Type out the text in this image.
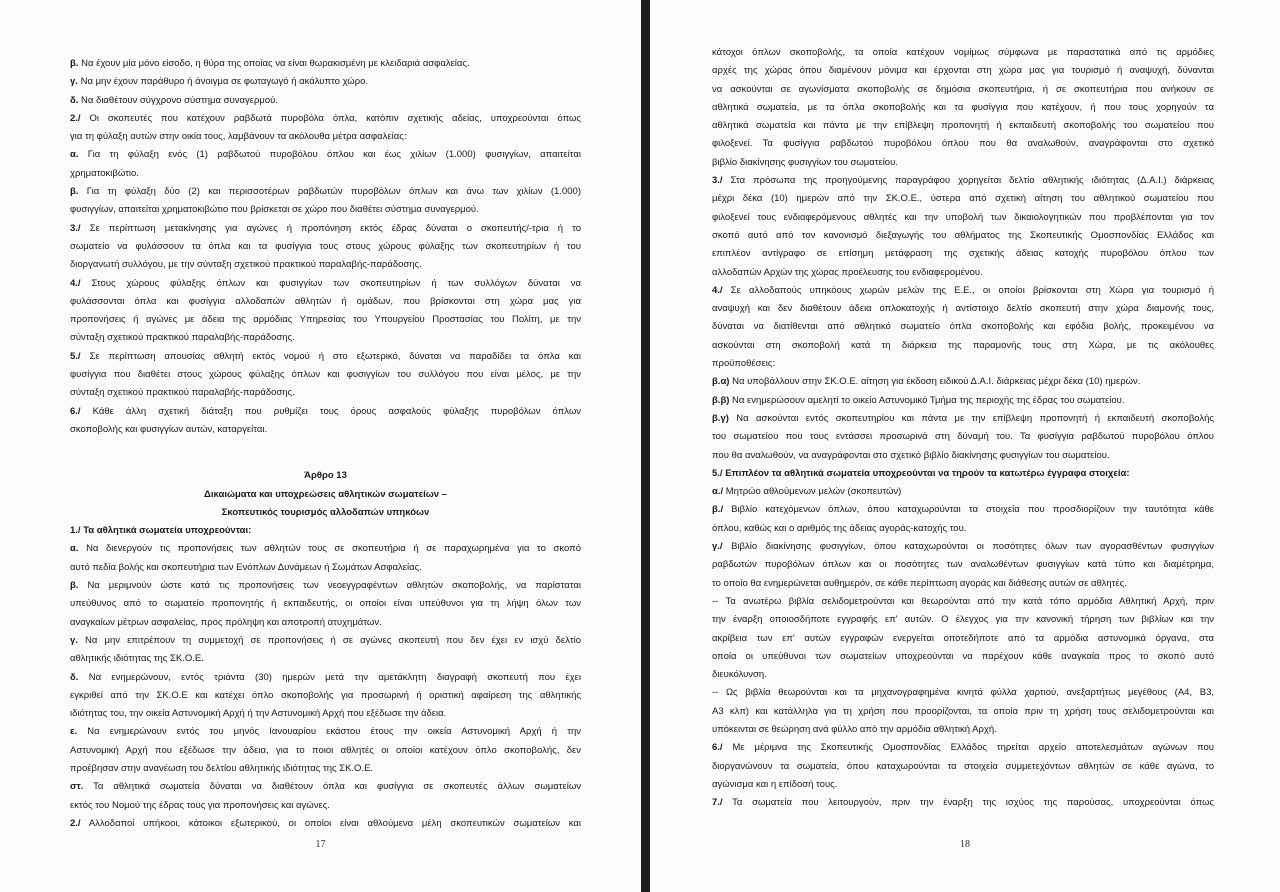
β. Να έχουν μία μόνο είσοδο, η θύρα της οποίας να είναι θωρακισμένη με κλειδαριά ασφαλείας.
γ. Να μην έχουν παράθυρο ή άνοιγμα σε φωταγωγό ή ακάλυπτο χώρο.
δ. Να διαθέτουν σύγχρονο σύστημα συναγερμού.
2./ Οι σκοπευτές που κατέχουν ραβδωτά πυροβόλα όπλα, κατόπιν σχετικής αδείας, υποχρεούνται όπως
για τη φύλαξη αυτών στην οικία τους, λαμβάνουν τα ακόλουθα μέτρα ασφαλείας:
α. Για τη φύλαξη ενός (1) ραβδωτού πυροβόλου όπλου και έως χιλίων (1.000) φυσιγγίων, απαιτείται
χρηματοκιβώτιο.
β. Για τη φύλαξη δύο (2) και περισσοτέρων ραβδωτών πυροβόλων όπλων και άνω των χιλίων (1.000)
φυσιγγίων, απαιτείται χρηματοκιβώτιο που βρίσκεται σε χώρο που διαθέτει σύστημα συναγερμού.
3./ Σε περίπτωση μετακίνησης για αγώνες ή προπόνηση εκτός έδρας δύναται ο σκοπευτής/-τρια ή το
σωματείο να φυλάσσουν τα όπλα και τα φυσίγγια τους στους χώρους φύλαξης των σκοπευτηρίων ή του
διοργανωτή συλλόγου, με την σύνταξη σχετικού πρακτικού παραλαβής-παράδοσης.
4./ Στους χώρους φύλαξης όπλων και φυσιγγίων των σκοπευτηρίων ή των συλλόγων δύναται να
φυλάσσονται όπλα και φυσίγγια αλλοδαπών αθλητών ή ομάδων, που βρίσκονται στη χώρα μας για
προπονήσεις ή αγώνες με άδεια της αρμόδιας Υπηρεσίας του Υπουργείου Προστασίας του Πολίτη, με την
σύνταξη σχετικού πρακτικού παραλαβής-παράδοσης.
5./ Σε περίπτωση απουσίας αθλητή εκτός νομού ή στο εξωτερικό, δύναται να παραδίδει τα όπλα και
φυσίγγια που διαθέτει στους χώρους φύλαξης όπλων και φυσιγγίων του συλλόγου που είναι μέλος, με την
σύνταξη σχετικού πρακτικού παραλαβής-παράδοσης.
6./ Κάθε άλλη σχετική διάταξη που ρυθμίζει τους όρους ασφαλούς φύλαξης πυροβόλων όπλων
σκοποβολής και φυσιγγίων αυτών, καταργείται.
Άρθρο 13
Δικαιώματα και υποχρεώσεις αθλητικών σωματείων –
Σκοπευτικός τουρισμός αλλοδαπών υπηκόων
1./ Τα αθλητικά σωματεία υποχρεούνται:
α. Να διενεργούν τις προπονήσεις των αθλητών τους σε σκοπευτήρια ή σε παραχωρημένα για το σκοπό
αυτό πεδία βολής και σκοπευτήρια των Ενόπλων Δυνάμεων ή Σωμάτων Ασφαλείας.
β. Να μεριμνούν ώστε κατά τις προπονήσεις των νεοεγγραφέντων αθλητών σκοποβολής, να παρίσταται
υπεύθυνος από το σωματείο προπονητής ή εκπαιδευτής, οι οποίοι είναι υπεύθυνοι για τη λήψη όλων των
αναγκαίων μέτρων ασφαλείας, προς πρόληψη και αποτροπή ατυχημάτων.
γ. Να μην επιτρέπουν τη συμμετοχή σε προπονήσεις ή σε αγώνες σκοπευτή που δεν έχει εν ισχύ δελτίο
αθλητικής ιδιότητας της ΣΚ.Ο.Ε.
δ. Να ενημερώνουν, εντός τριάντα (30) ημερών μετά την αμετάκλητη διαγραφή σκοπευτή που έχει
εγκριθεί από την ΣΚ.Ο.Ε και κατέχει όπλο σκοποβολής για προσωρινή ή οριστική αφαίρεση της αθλητικής
ιδιότητας του, την οικεία Αστυνομική Αρχή ή την Αστυνομική Αρχή που εξέδωσε την άδεια.
ε. Να ενημερώνουν εντός του μηνός Ιανουαρίου εκάστου έτους την οικεία Αστυνομική Αρχή ή την
Αστυνομική Αρχή που εξέδωσε την άδεια, για το ποιοι αθλητές οι οποίοι κατέχουν όπλο σκοποβολής, δεν
προέβησαν στην ανανέωση του δελτίου αθλητικής ιδιότητας της ΣΚ.Ο.Ε.
στ. Τα αθλητικά σωματεία δύναται να διαθέτουν όπλα και φυσίγγια σε σκοπευτές άλλων σωματείων
εκτός του Νομού της έδρας τους για προπονήσεις και αγώνες.
2./ Αλλοδαποί υπήκοοι, κάτοικοι εξωτερικού, οι οποίοι είναι αθλούμενα μέλη σκοπευτικών σωματείων και
17
κάτοχοι όπλων σκοποβολής, τα οποία κατέχουν νομίμως σύμφωνα με παραστατικά από τις αρμόδιες
αρχές της χώρας όπου διαμένουν μόνιμα και έρχονται στη χώρα μας για τουρισμό ή αναψυχή, δύνανται
να ασκούνται σε αγωνίσματα σκοποβολής σε δημόσια σκοπευτήρια, ή σε σκοπευτήρια που ανήκουν σε
αθλητικά σωματεία, με τα όπλα σκοποβολής και τα φυσίγγια που κατέχουν, ή που τους χορηγούν τα
αθλητικά σωματεία και πάντα με την επίβλεψη προπονητή ή εκπαιδευτή σκοποβολής του σωματείου που
φιλοξενεί. Τα φυσίγγια ραβδωτού πυροβόλου όπλου που θα αναλωθούν, αναγράφονται στο σχετικό
βιβλίο διακίνησης φυσιγγίων του σωματείου.
3./ Στα πρόσωπα της προηγούμενης παραγράφου χορηγείται δελτίο αθλητικής ιδιότητας (Δ.Α.Ι.) διάρκειας
μέχρι δέκα (10) ημερών από την ΣΚ.Ο.Ε., ύστερα από σχετική αίτηση του αθλητικού σωματείου που
φιλοξενεί τους ενδιαφερόμενους αθλητές και την υποβολή των δικαιολογητικών που προβλέπονται για τον
σκοπό αυτό από τον κανονισμό διεξαγωγής του αθλήματος της Σκοπευτικής Ομοσπονδίας Ελλάδος και
επιπλέον αντίγραφο σε επίσημη μετάφραση της σχετικής άδειας κατοχής πυροβόλου όπλου των
αλλοδαπών Αρχών της χώρας προέλευσης του ενδιαφερομένου.
4./ Σε αλλοδαπούς υπηκόους χωρών μελών της Ε.Ε., οι οποίοι βρίσκονται στη Χώρα για τουρισμό ή
αναψυχή και δεν διαθέτουν άδεια οπλοκατοχής ή αντίστοιχο δελτίο σκοπευτή στην χώρα διαμονής τους,
δύναται να διατίθενται από αθλητικό σωματείο όπλα σκοποβολής και εφόδια βολής, προκειμένου να
ασκούνται στη σκοποβολή κατά τη διάρκεια της παραμονής τους στη Χώρα, με τις ακόλουθες
προϋποθέσεις:
β.α) Να υποβάλλουν στην ΣΚ.Ο.Ε. αίτηση για έκδοση ειδικού Δ.Α.Ι. διάρκειας μέχρι δέκα (10) ημερών.
β.β) Να ενημερώσουν αμελητί το οικείο Αστυνομικό Τμήμα της περιοχής της έδρας του σωματείου.
β.γ) Να ασκούνται εντός σκοπευτηρίου και πάντα με την επίβλεψη προπονητή ή εκπαιδευτή σκοποβολής
του σωματείου που τους εντάσσει προσωρινά στη δύναμή του. Τα φυσίγγια ραβδωτού πυροβόλου όπλου
που θα αναλωθούν, να αναγράφονται στο σχετικό βιβλίο διακίνησης φυσιγγίων του σωματείου.
5./ Επιπλέον τα αθλητικά σωματεία υποχρεούνται να τηρούν τα κατωτέρω έγγραφα στοιχεία:
α./ Μητρώο αθλούμενων μελών (σκοπευτών)
β./ Βιβλίο κατεχόμενων όπλων, όπου καταχωρούνται τα στοιχεία που προσδιορίζουν την ταυτότητα κάθε
όπλου, καθώς και ο αριθμός της άδειας αγοράς-κατοχής του.
γ./ Βιβλίο διακίνησης φυσιγγίων, όπου καταχωρούνται οι ποσότητες όλων των αγορασθέντων φυσιγγίων
ραβδωτών πυροβόλων όπλων και οι ποσότητες των αναλωθέντων φυσιγγίων κατά τύπο και διαμέτρημα,
το οποίο θα ενημερώνεται αυθημερόν, σε κάθε περίπτωση αγοράς και διάθεσης αυτών σε αθλητές.
-- Τα ανωτέρω βιβλία σελιδομετρούνται και θεωρούνται από την κατά τόπο αρμόδια Αθλητική Αρχή, πριν
την έναρξη οποιοσδήποτε εγγραφής επ' αυτών. Ο έλεγχος για την κανονική τήρηση των βιβλίων και την
ακρίβεια των επ' αυτών εγγραφών ενεργείται οποτεδήποτε από τα αρμόδια αστυνομικά όργανα, στα
οποία οι υπεύθυνοι των σωματείων υποχρεούνται να παρέχουν κάθε αναγκαία προς το σκοπό αυτό
διευκόλυνση.
-- Ως βιβλία θεωρούνται και τα μηχανογραφημένα κινητά φύλλα χαρτιού, ανεξαρτήτως μεγέθους (Α4, Β3,
Α3 κλπ) και κατάλληλα για τη χρήση που προορίζονται, τα οποία πριν τη χρήση τους σελιδομετρούνται και
υπόκεινται σε θεώρηση ανά φύλλο από την αρμόδια αθλητική Αρχή.
6./ Με μέριμνα της Σκοπευτικής Ομοσπονδίας Ελλάδος τηρείται αρχείο αποτελεσμάτων αγώνων που
διοργανώνουν τα σωματεία, όπου καταχωρούνται τα στοιχεία συμμετεχόντων αθλητών σε κάθε αγώνα, το
αγώνισμα και η επίδοσή τους.
7./ Τα σωματεία που λειτουργούν, πριν την έναρξη της ισχύος της παρούσας, υποχρεούνται όπως
18
